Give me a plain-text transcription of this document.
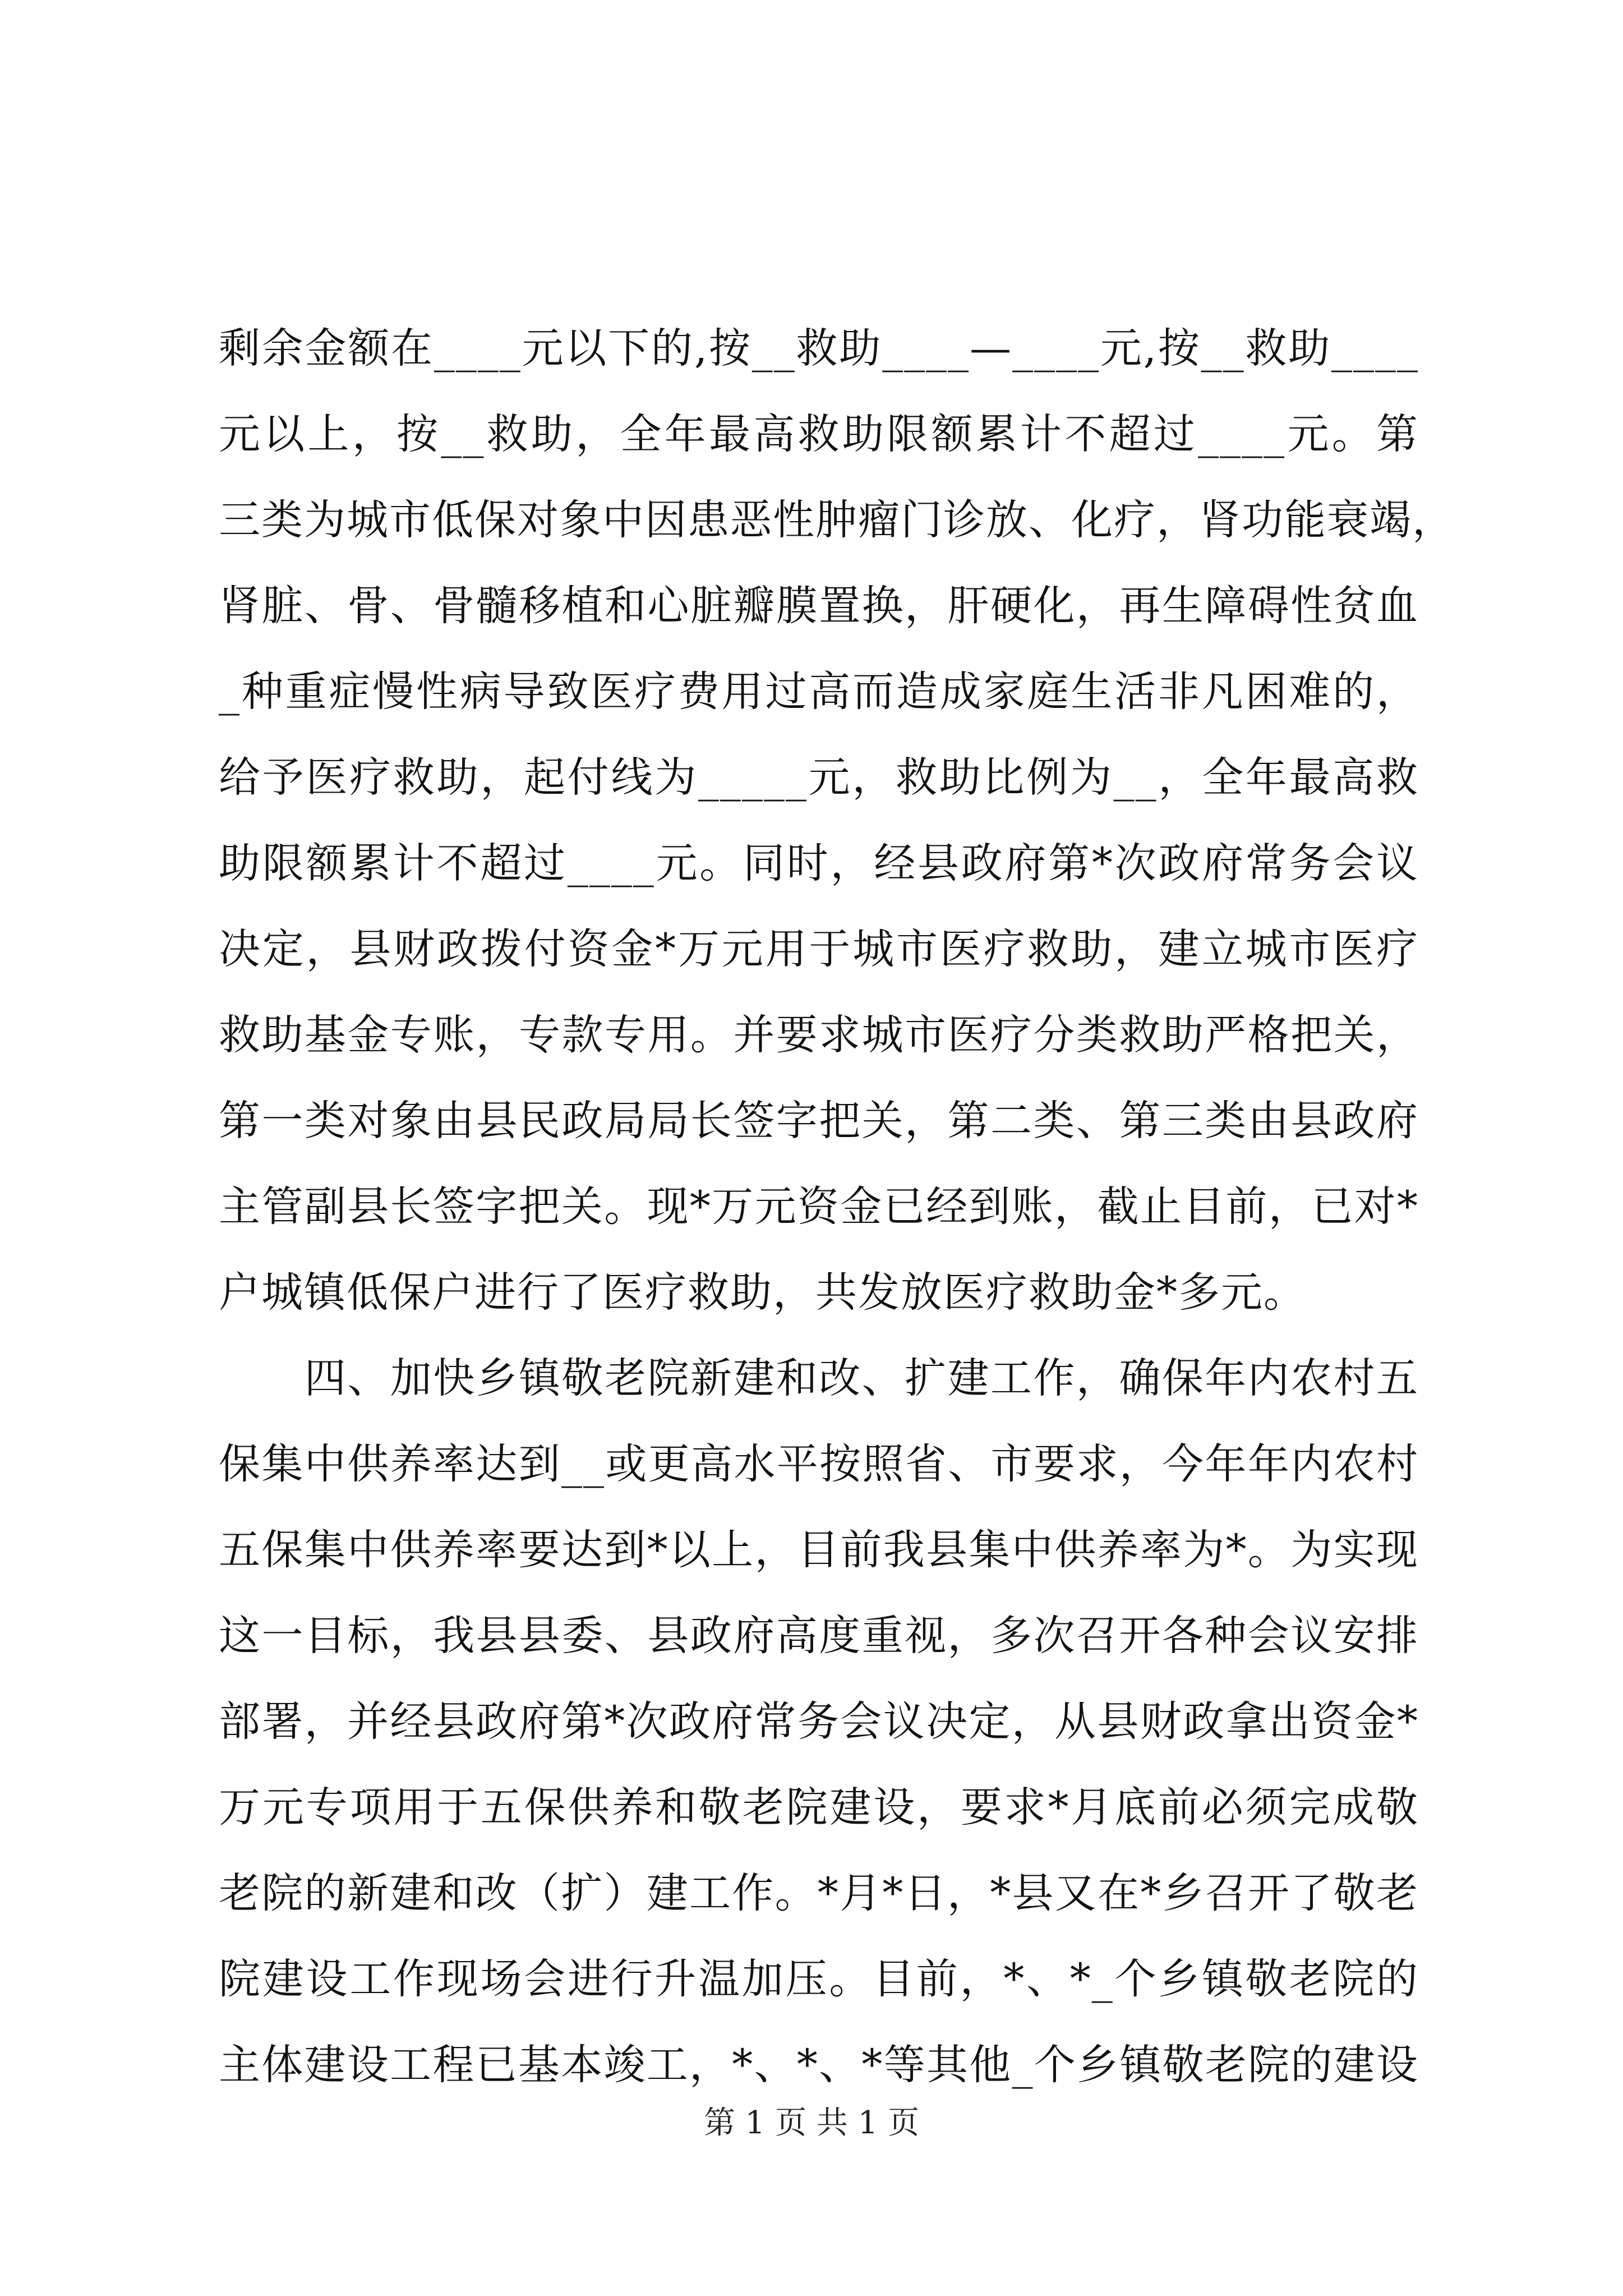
剩余金额在____元以下的,按__救助____—____元,按__救助____
元以上，按__救助，全年最高救助限额累计不超过____元。第
三类为城市低保对象中因患恶性肿瘤门诊放、化疗，肾功能衰竭，
肾脏、骨、骨髓移植和心脏瓣膜置换，肝硬化，再生障碍性贫血
_种重症慢性病导致医疗费用过高而造成家庭生活非凡困难的，
给予医疗救助，起付线为_____元，救助比例为__，全年最高救
助限额累计不超过____元。同时，经县政府第*次政府常务会议
决定，县财政拨付资金*万元用于城市医疗救助，建立城市医疗
救助基金专账，专款专用。并要求城市医疗分类救助严格把关，
第一类对象由县民政局局长签字把关，第二类、第三类由县政府
主管副县长签字把关。现*万元资金已经到账，截止目前，已对*
户城镇低保户进行了医疗救助，共发放医疗救助金*多元。
　　四、加快乡镇敬老院新建和改、扩建工作，确保年内农村五
保集中供养率达到__或更高水平按照省、市要求，今年年内农村
五保集中供养率要达到*以上，目前我县集中供养率为*。为实现
这一目标，我县县委、县政府高度重视，多次召开各种会议安排
部署，并经县政府第*次政府常务会议决定，从县财政拿出资金*
万元专项用于五保供养和敬老院建设，要求*月底前必须完成敬
老院的新建和改（扩）建工作。*月*日，*县又在*乡召开了敬老
院建设工作现场会进行升温加压。目前，*、*_个乡镇敬老院的
主体建设工程已基本竣工，*、*、*等其他_个乡镇敬老院的建设
第 1 页 共 1 页
